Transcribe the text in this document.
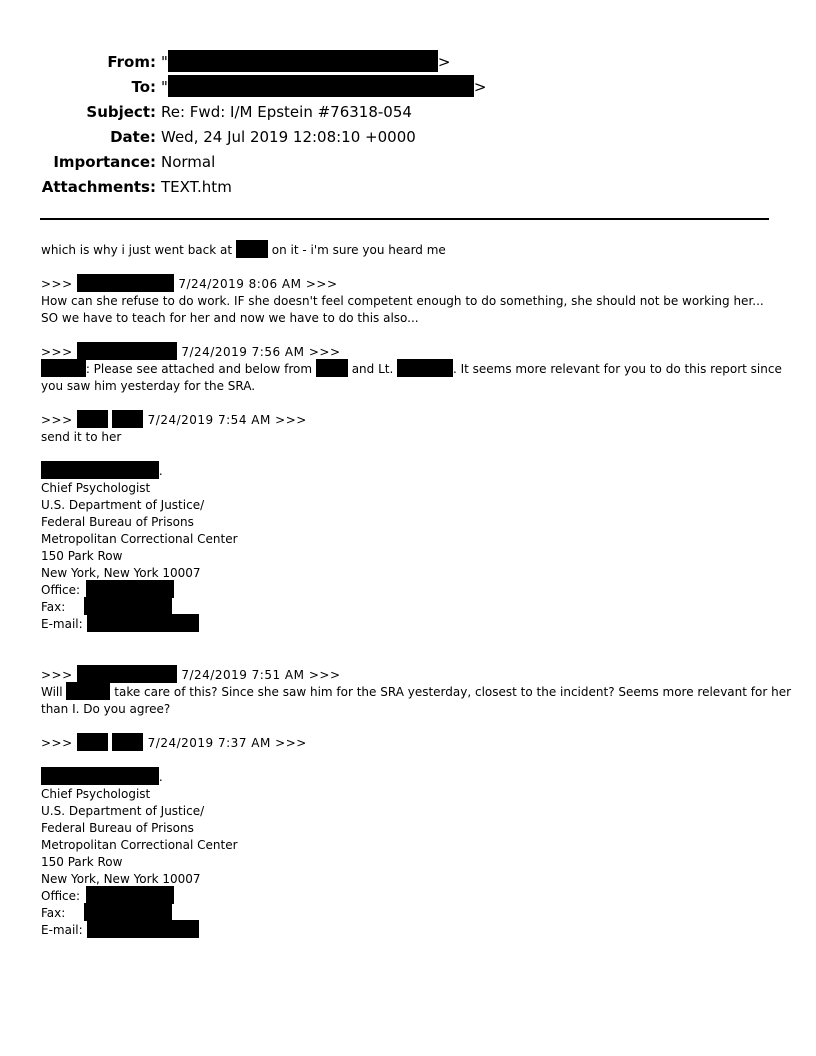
From: "	>
To: "	>
Subject: Re: Fwd: I/M Epstein #76318-054
Date: Wed, 24 Jul 2019 12:08:10 +0000
Importance: Normal
Attachments: TEXT.htm
which is why i just went back at	on it - i'm sure you heard me
>>>	7/24/2019 8:06 AM >>>
How can she refuse to do work. IF she doesn't feel competent enough to do something, she should not be working her...
SO we have to teach for her and now we have to do this also...
>>>	7/24/2019 7:56 AM >>>
: Please see attached and below from	and Lt.	. It seems more relevant for you to do this report since
you saw him yesterday for the SRA.
>>>	7/24/2019 7:54 AM >>>
send it to her
.
Chief Psychologist
U.S. Department of Justice/
Federal Bureau of Prisons
Metropolitan Correctional Center
150 Park Row
New York, New York 10007
Office:
Fax:
E-mail:
>>>	7/24/2019 7:51 AM >>>
Will	take care of this? Since she saw him for the SRA yesterday, closest to the incident? Seems more relevant for her
than I. Do you agree?
>>>	7/24/2019 7:37 AM >>>
.
Chief Psychologist
U.S. Department of Justice/
Federal Bureau of Prisons
Metropolitan Correctional Center
150 Park Row
New York, New York 10007
Office:
Fax:
E-mail:
